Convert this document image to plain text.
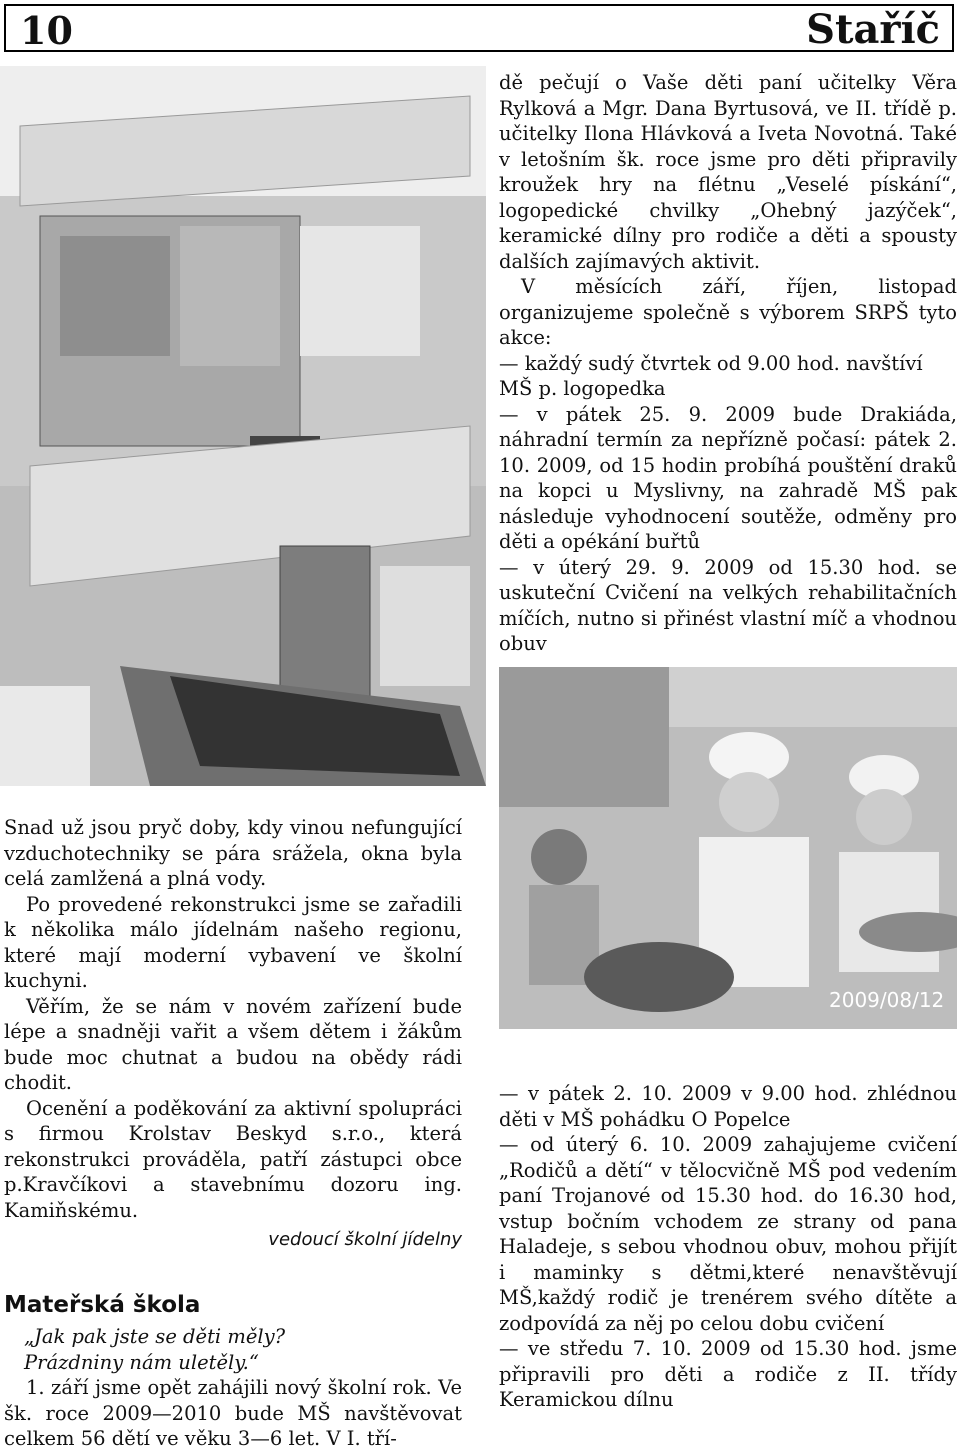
10	Staříč

dě pečují o Vaše děti paní učitelky Věra Rylková a Mgr. Dana Byrtusová, ve II. třídě p. učitelky Ilona Hlávková a Iveta Novotná. Také v letošním šk. roce jsme pro děti připravily kroužek hry na flétnu „Veselé pískání“, logopedické chvilky „Ohebný jazýček“, keramické dílny pro rodiče a děti a spousty dalších zajímavých aktivit.

V měsících září, říjen, listopad organizujeme společně s výborem SRPŠ tyto akce:

— každý sudý čtvrtek od 9.00 hod. navštíví MŠ p. logopedka

— v pátek 25. 9. 2009 bude Drakiáda, náhradní termín za nepřízně počasí: pátek 2. 10. 2009, od 15 hodin probíhá pouštění draků na kopci u Myslivny, na zahradě MŠ pak následuje vyhodnocení soutěže, odměny pro děti a opékání buřtů

— v úterý 29. 9. 2009 od 15.30 hod. se uskuteční Cvičení na velkých rehabilitačních míčích, nutno si přinést vlastní míč a vhodnou obuv

2009/08/12

Snad už jsou pryč doby, kdy vinou nefungující vzduchotechniky se pára srážela, okna byla celá zamlžená a plná vody.

Po provedené rekonstrukci jsme se zařadili k několika málo jídelnám našeho regionu, které mají moderní vybavení ve školní kuchyni.

Věřím, že se nám v novém zařízení bude lépe a snadněji vařit a všem dětem i žákům bude moc chutnat a budou na obědy rádi chodit.

Ocenění a poděkování za aktivní spolupráci s firmou Krolstav Beskyd s.r.o., která rekonstrukci prováděla, patří zástupci obce p.Kravčíkovi a stavebnímu dozoru ing. Kamiňskému.

vedoucí školní jídelny

Mateřská škola

„Jak pak jste se děti měly?

Prázdniny nám uletěly.“

1. září jsme opět zahájili nový školní rok. Ve šk. roce 2009—2010 bude MŠ navštěvovat celkem 56 dětí ve věku 3—6 let. V I. tří-

— v pátek 2. 10. 2009 v 9.00 hod. zhlédnou děti v MŠ pohádku O Popelce

— od úterý 6. 10. 2009 zahajujeme cvičení „Rodičů a dětí“ v tělocvičně MŠ pod vedením paní Trojanové od 15.30 hod. do 16.30 hod, vstup bočním vchodem ze strany od pana Haladeje, s sebou vhodnou obuv, mohou přijít i maminky s dětmi,které nenavštěvují MŠ,každý rodič je trenérem svého dítěte a zodpovídá za něj po celou dobu cvičení

— ve středu 7. 10. 2009 od 15.30 hod. jsme připravili pro děti a rodiče z II. třídy Keramickou dílnu
